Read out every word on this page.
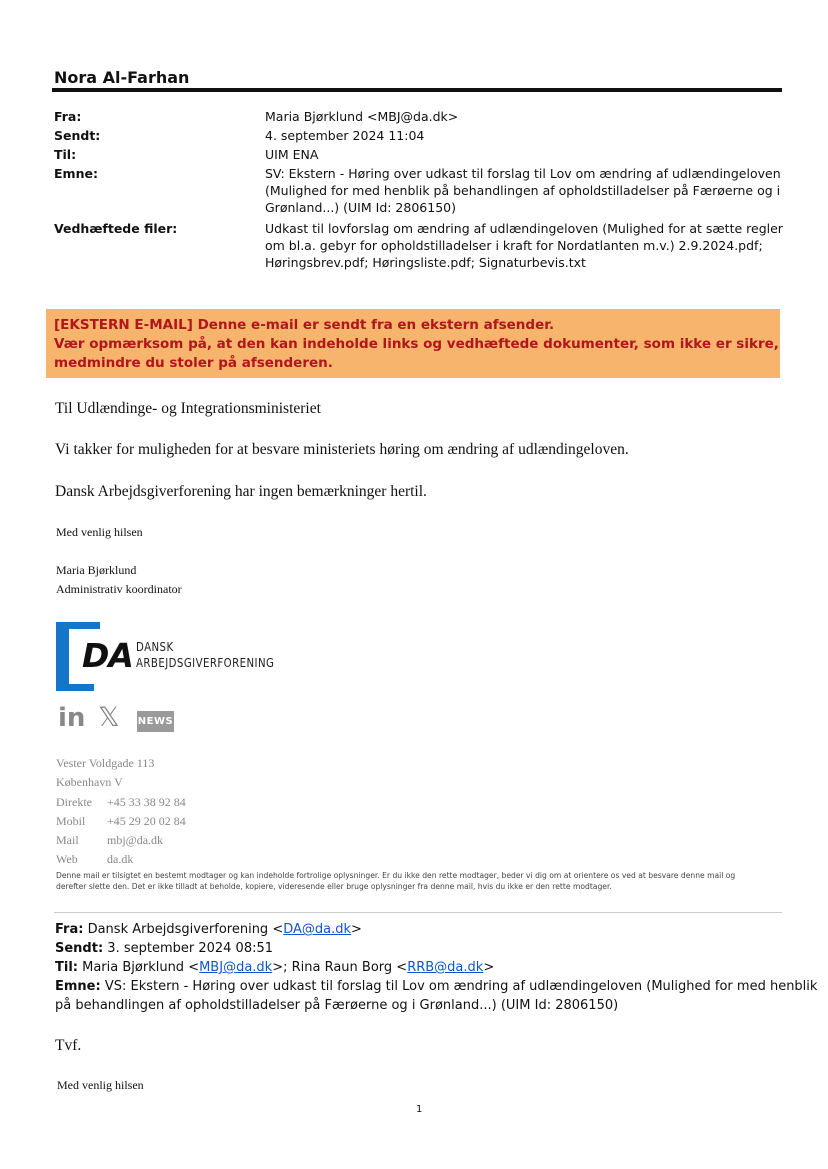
Nora Al-Farhan
Fra:	Maria Bjørklund <MBJ@da.dk>
Sendt:	4. september 2024 11:04
Til:	UIM ENA
Emne:	SV: Ekstern - Høring over udkast til forslag til Lov om ændring af udlændingeloven
(Mulighed for med henblik på behandlingen af opholdstilladelser på Færøerne og i
Grønland...) (UIM Id: 2806150)
Vedhæftede filer:	Udkast til lovforslag om ændring af udlændingeloven (Mulighed for at sætte regler
om bl.a. gebyr for opholdstilladelser i kraft for Nordatlanten m.v.) 2.9.2024.pdf;
Høringsbrev.pdf; Høringsliste.pdf; Signaturbevis.txt
[EKSTERN E-MAIL] Denne e-mail er sendt fra en ekstern afsender.
Vær opmærksom på, at den kan indeholde links og vedhæftede dokumenter, som ikke er sikre,
medmindre du stoler på afsenderen.
Til Udlændinge- og Integrationsministeriet
Vi takker for muligheden for at besvare ministeriets høring om ændring af udlændingeloven.
Dansk Arbejdsgiverforening har ingen bemærkninger hertil.
Med venlig hilsen
Maria Bjørklund
Administrativ koordinator
DA DANSK
ARBEJDSGIVERFORENING
in 𝕏 NEWS
Vester Voldgade 113
København V
Direkte +45 33 38 92 84
Mobil +45 29 20 02 84
Mail mbj@da.dk
Web da.dk
Denne mail er tilsigtet en bestemt modtager og kan indeholde fortrolige oplysninger. Er du ikke den rette modtager, beder vi dig om at orientere os ved at besvare denne mail og derefter slette den. Det er ikke tilladt at beholde, kopiere, videresende eller bruge oplysninger fra denne mail, hvis du ikke er den rette modtager.
Fra: Dansk Arbejdsgiverforening <DA@da.dk>
Sendt: 3. september 2024 08:51
Til: Maria Bjørklund <MBJ@da.dk>; Rina Raun Borg <RRB@da.dk>
Emne: VS: Ekstern - Høring over udkast til forslag til Lov om ændring af udlændingeloven (Mulighed for med henblik
på behandlingen af opholdstilladelser på Færøerne og i Grønland...) (UIM Id: 2806150)
Tvf.
Med venlig hilsen
1
